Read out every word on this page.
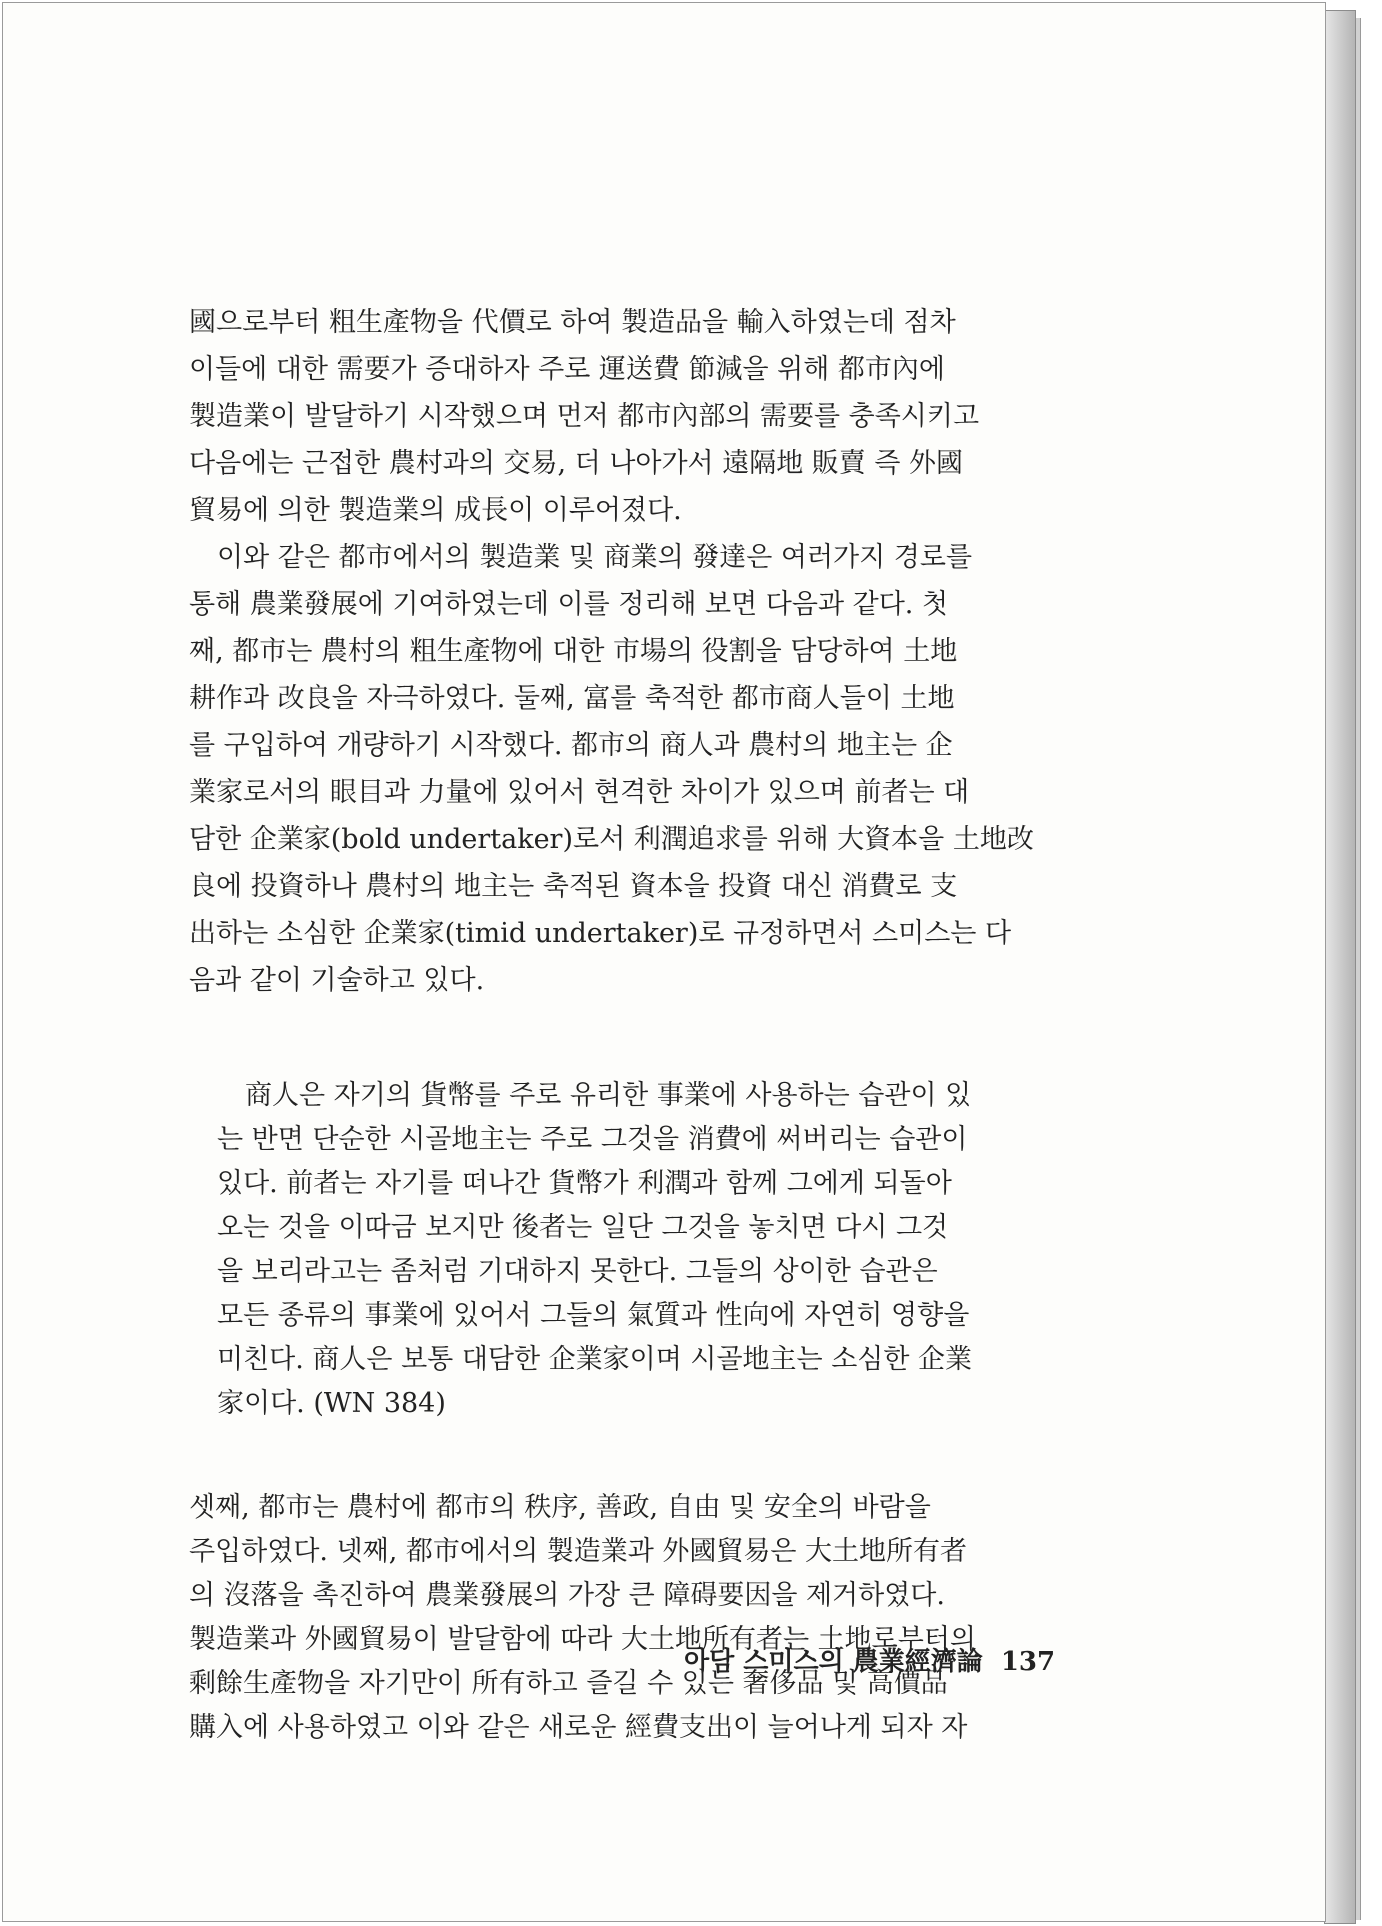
國으로부터 粗生產物을 代價로 하여 製造品을 輸入하였는데 점차

이들에 대한 需要가 증대하자 주로 運送費 節減을 위해 都市內에

製造業이 발달하기 시작했으며 먼저 都市內部의 需要를 충족시키고

다음에는 근접한 農村과의 交易, 더 나아가서 遠隔地 販賣 즉 外國

貿易에 의한 製造業의 成長이 이루어졌다.

이와 같은 都市에서의 製造業 및 商業의 發達은 여러가지 경로를

통해 農業發展에 기여하였는데 이를 정리해 보면 다음과 같다. 첫

째, 都市는 農村의 粗生產物에 대한 市場의 役割을 담당하여 土地

耕作과 改良을 자극하였다. 둘째, 富를 축적한 都市商人들이 土地

를 구입하여 개량하기 시작했다. 都市의 商人과 農村의 地主는 企

業家로서의 眼目과 力量에 있어서 현격한 차이가 있으며 前者는 대

담한 企業家(bold undertaker)로서 利潤追求를 위해 大資本을 土地改

良에 投資하나 農村의 地主는 축적된 資本을 投資 대신 消費로 支

出하는 소심한 企業家(timid undertaker)로 규정하면서 스미스는 다

음과 같이 기술하고 있다.

商人은 자기의 貨幣를 주로 유리한 事業에 사용하는 습관이 있

는 반면 단순한 시골地主는 주로 그것을 消費에 써버리는 습관이

있다. 前者는 자기를 떠나간 貨幣가 利潤과 함께 그에게 되돌아

오는 것을 이따금 보지만 後者는 일단 그것을 놓치면 다시 그것

을 보리라고는 좀처럼 기대하지 못한다. 그들의 상이한 습관은

모든 종류의 事業에 있어서 그들의 氣質과 性向에 자연히 영향을

미친다. 商人은 보통 대담한 企業家이며 시골地主는 소심한 企業

家이다. (WN 384)

셋째, 都市는 農村에 都市의 秩序, 善政, 自由 및 安全의 바람을

주입하였다. 넷째, 都市에서의 製造業과 外國貿易은 大土地所有者

의 沒落을 촉진하여 農業發展의 가장 큰 障碍要因을 제거하였다.

製造業과 外國貿易이 발달함에 따라 大土地所有者는 土地로부터의

剩餘生產物을 자기만이 所有하고 즐길 수 있는 奢侈品 및 高價品

購入에 사용하였고 이와 같은 새로운 經費支出이 늘어나게 되자 자

아담 스미스의 農業經濟論 137
